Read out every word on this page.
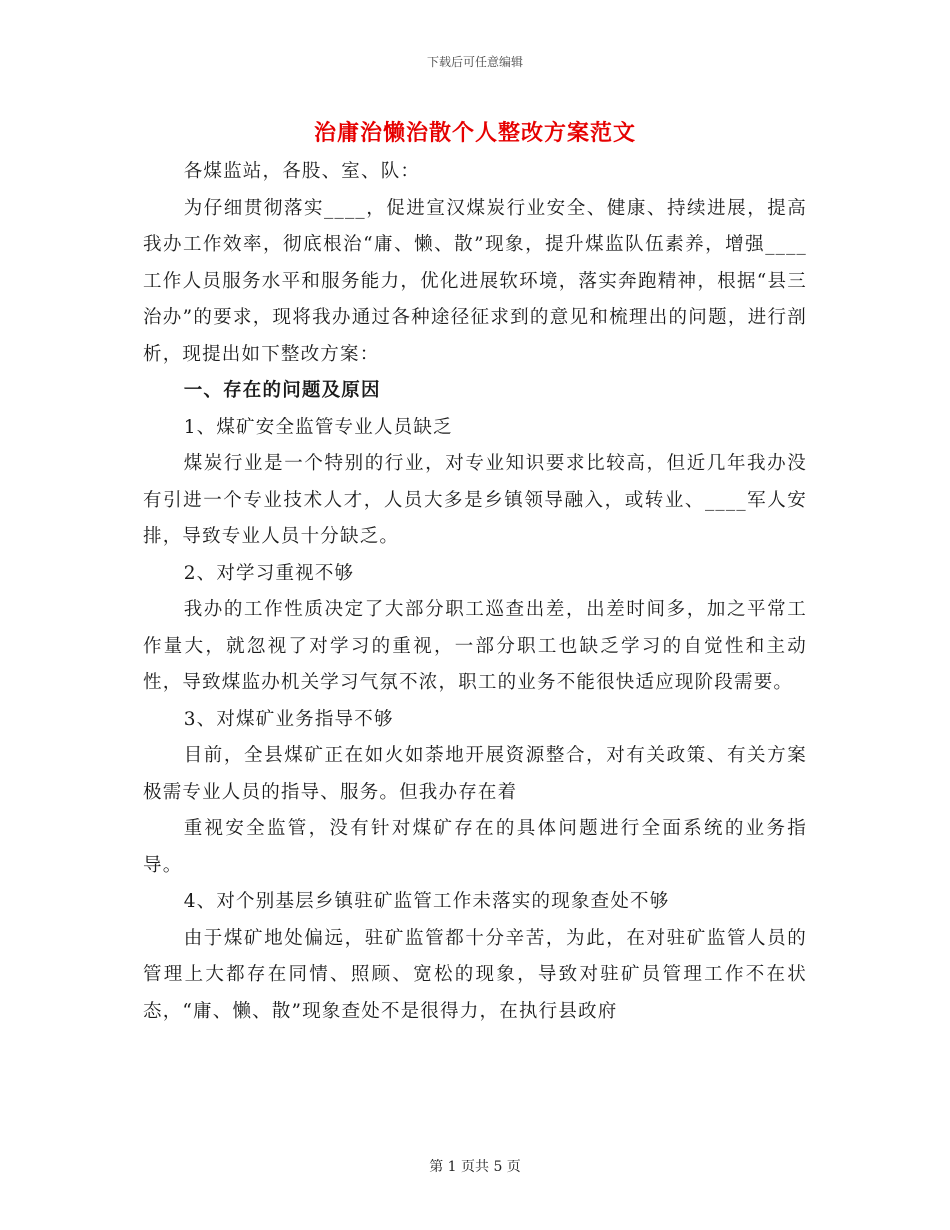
下载后可任意编辑
治庸治懒治散个人整改方案范文

各煤监站，各股、室、队：

为仔细贯彻落实____，促进宣汉煤炭行业安全、健康、持续进展，提高我办工作效率，彻底根治“庸、懒、散”现象，提升煤监队伍素养，增强____工作人员服务水平和服务能力，优化进展软环境，落实奔跑精神，根据“县三治办”的要求，现将我办通过各种途径征求到的意见和梳理出的问题，进行剖析，现提出如下整改方案：

一、存在的问题及原因

1、煤矿安全监管专业人员缺乏

煤炭行业是一个特别的行业，对专业知识要求比较高，但近几年我办没有引进一个专业技术人才，人员大多是乡镇领导融入，或转业、____军人安排，导致专业人员十分缺乏。

2、对学习重视不够

我办的工作性质决定了大部分职工巡查出差，出差时间多，加之平常工作量大，就忽视了对学习的重视，一部分职工也缺乏学习的自觉性和主动性，导致煤监办机关学习气氛不浓，职工的业务不能很快适应现阶段需要。

3、对煤矿业务指导不够

目前，全县煤矿正在如火如荼地开展资源整合，对有关政策、有关方案极需专业人员的指导、服务。但我办存在着

重视安全监管，没有针对煤矿存在的具体问题进行全面系统的业务指导。

4、对个别基层乡镇驻矿监管工作未落实的现象查处不够

由于煤矿地处偏远，驻矿监管都十分辛苦，为此，在对驻矿监管人员的管理上大都存在同情、照顾、宽松的现象，导致对驻矿员管理工作不在状态，“庸、懒、散”现象查处不是很得力，在执行县政府

第 1 页共 5 页
